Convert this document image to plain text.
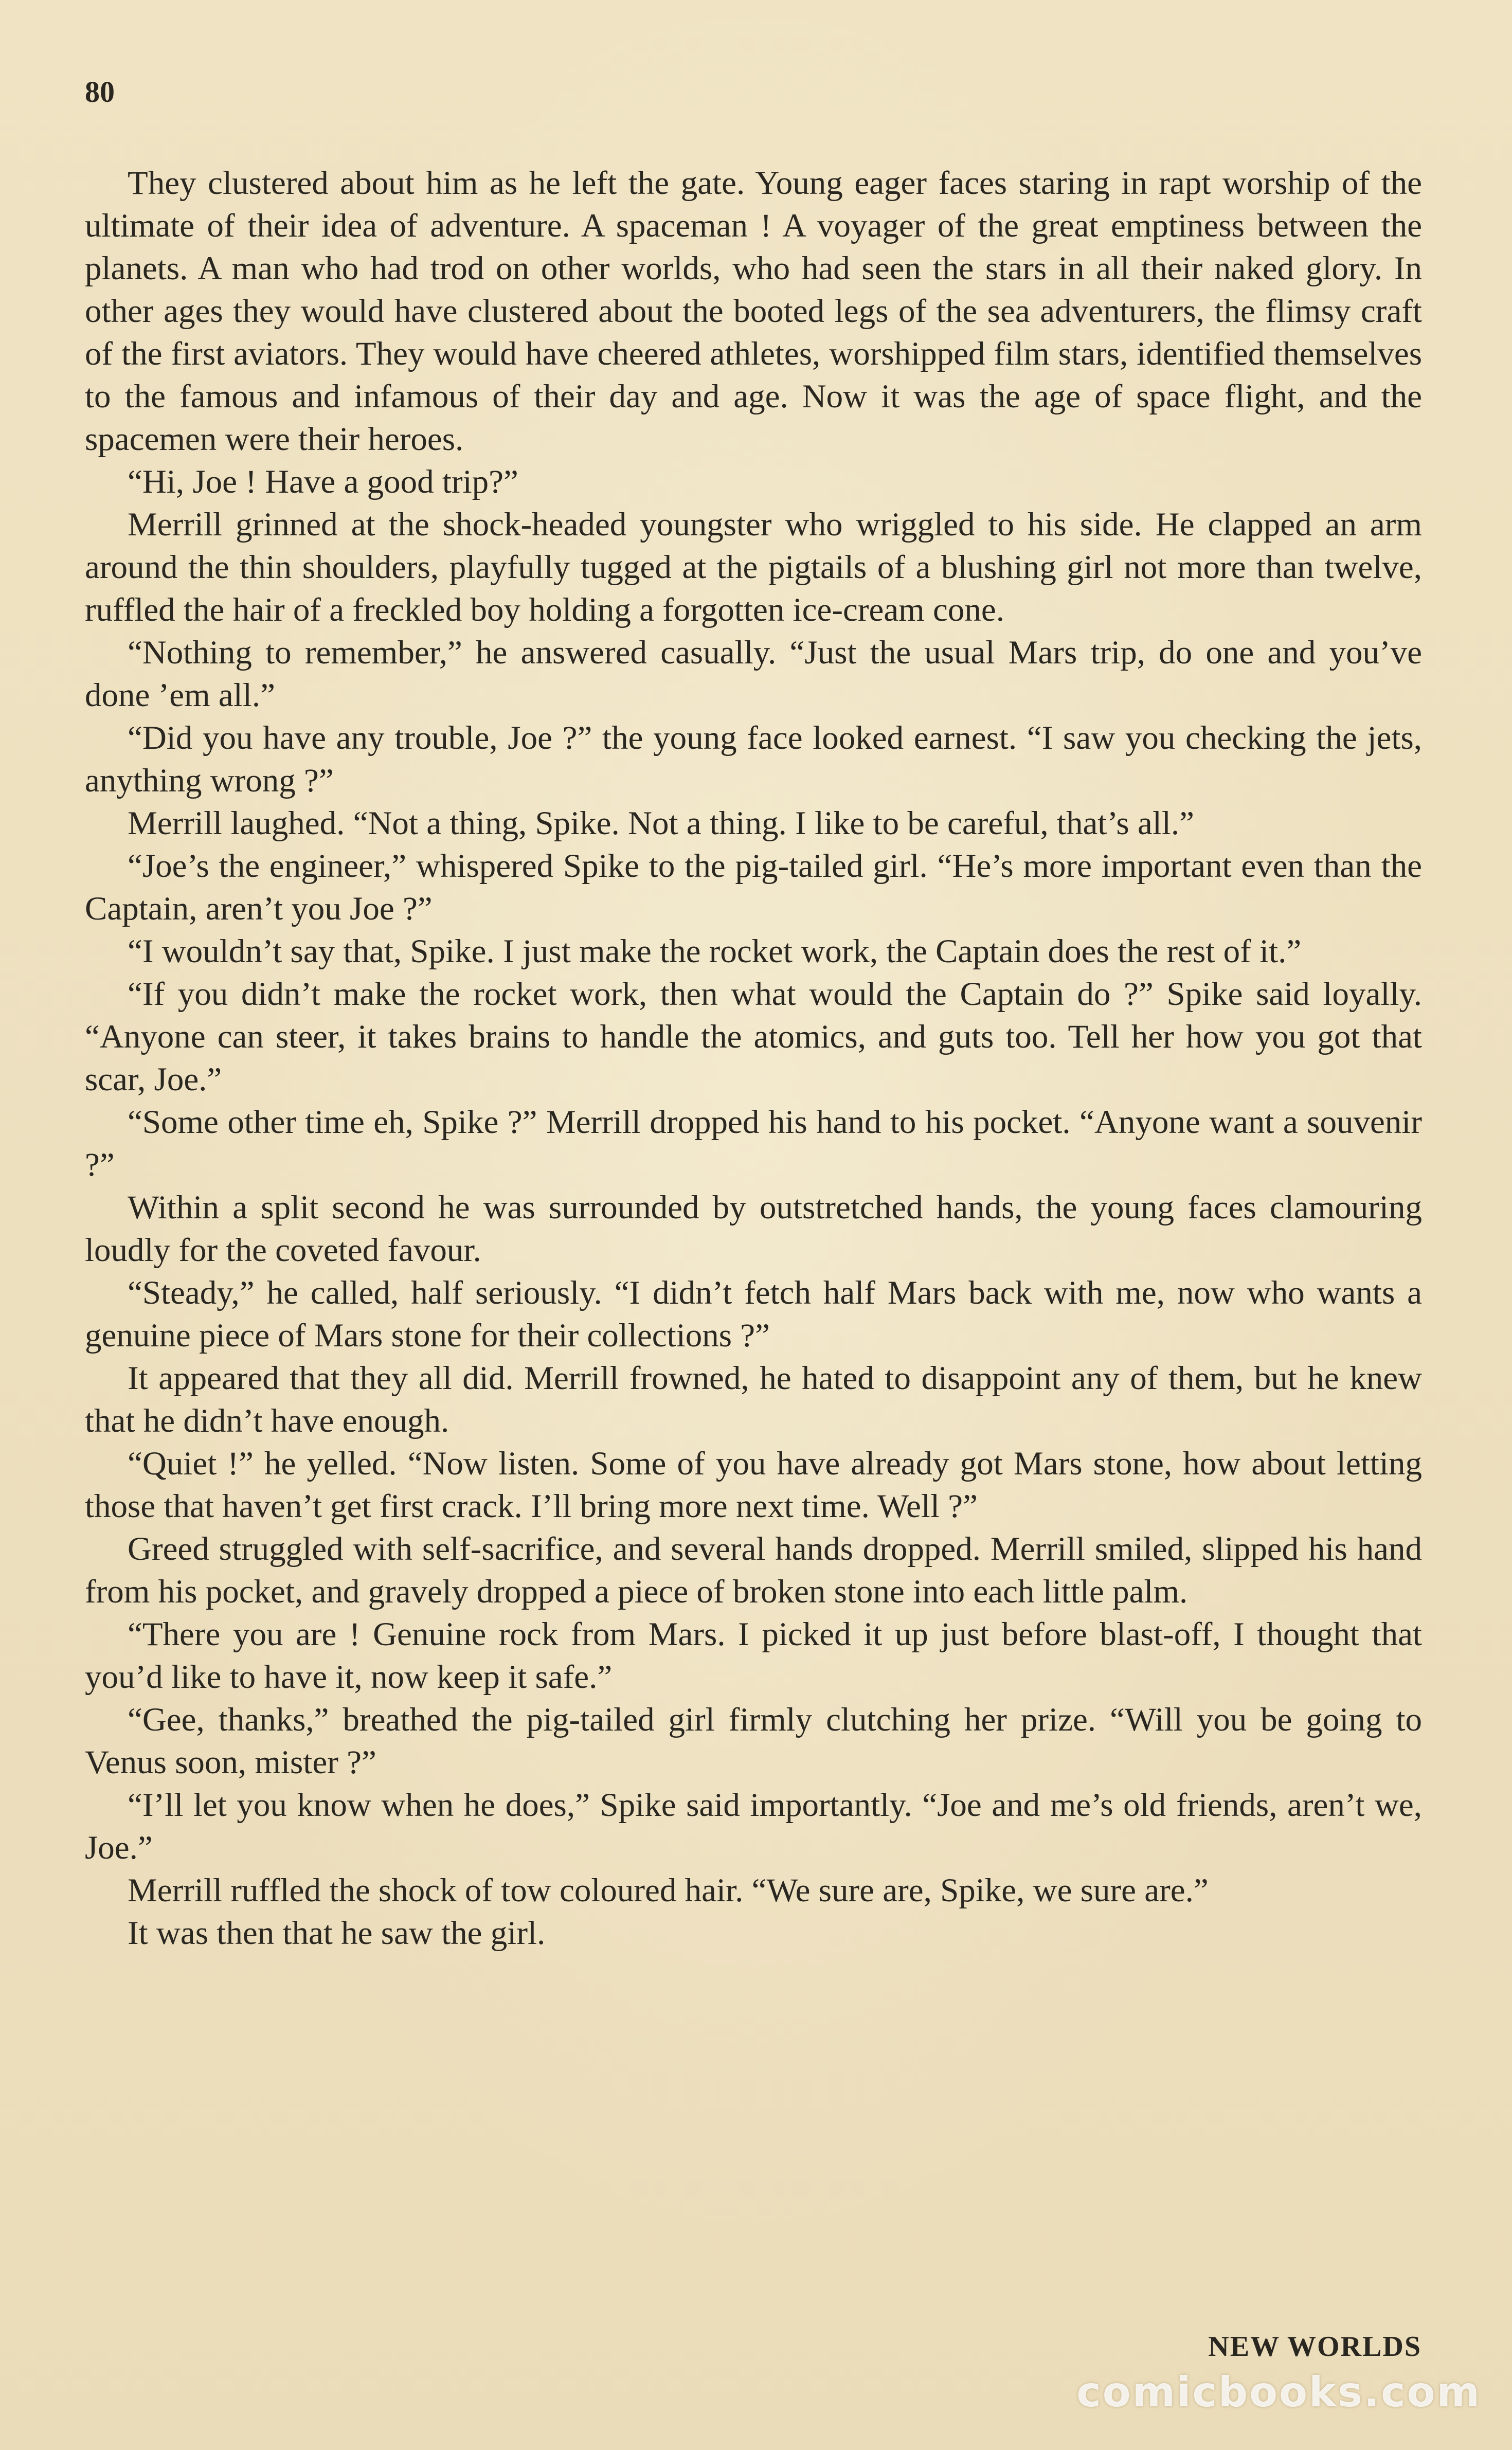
80

They clustered about him as he left the gate. Young eager faces staring in rapt worship of the ultimate of their idea of adventure. A spaceman ! A voyager of the great emptiness between the planets. A man who had trod on other worlds, who had seen the stars in all their naked glory. In other ages they would have clustered about the booted legs of the sea adventurers, the flimsy craft of the first aviators. They would have cheered athletes, worshipped film stars, identified themselves to the famous and infamous of their day and age. Now it was the age of space flight, and the spacemen were their heroes.

“Hi, Joe ! Have a good trip?”

Merrill grinned at the shock-headed youngster who wriggled to his side. He clapped an arm around the thin shoulders, playfully tugged at the pigtails of a blushing girl not more than twelve, ruffled the hair of a freckled boy holding a forgotten ice-cream cone.

“Nothing to remember,” he answered casually. “Just the usual Mars trip, do one and you’ve done ’em all.”

“Did you have any trouble, Joe ?” the young face looked earnest. “I saw you checking the jets, anything wrong ?”

Merrill laughed. “Not a thing, Spike. Not a thing. I like to be careful, that’s all.”

“Joe’s the engineer,” whispered Spike to the pig-tailed girl. “He’s more important even than the Captain, aren’t you Joe ?”

“I wouldn’t say that, Spike. I just make the rocket work, the Captain does the rest of it.”

“If you didn’t make the rocket work, then what would the Captain do ?” Spike said loyally. “Anyone can steer, it takes brains to handle the atomics, and guts too. Tell her how you got that scar, Joe.”

“Some other time eh, Spike ?” Merrill dropped his hand to his pocket. “Anyone want a souvenir ?”

Within a split second he was surrounded by outstretched hands, the young faces clamouring loudly for the coveted favour.

“Steady,” he called, half seriously. “I didn’t fetch half Mars back with me, now who wants a genuine piece of Mars stone for their collections ?”

It appeared that they all did. Merrill frowned, he hated to disappoint any of them, but he knew that he didn’t have enough.

“Quiet !” he yelled. “Now listen. Some of you have already got Mars stone, how about letting those that haven’t get first crack. I’ll bring more next time. Well ?”

Greed struggled with self-sacrifice, and several hands dropped. Merrill smiled, slipped his hand from his pocket, and gravely dropped a piece of broken stone into each little palm.

“There you are ! Genuine rock from Mars. I picked it up just before blast-off, I thought that you’d like to have it, now keep it safe.”

“Gee, thanks,” breathed the pig-tailed girl firmly clutching her prize. “Will you be going to Venus soon, mister ?”

“I’ll let you know when he does,” Spike said importantly. “Joe and me’s old friends, aren’t we, Joe.”

Merrill ruffled the shock of tow coloured hair. “We sure are, Spike, we sure are.”

It was then that he saw the girl.

NEW WORLDS
comicbooks.com
